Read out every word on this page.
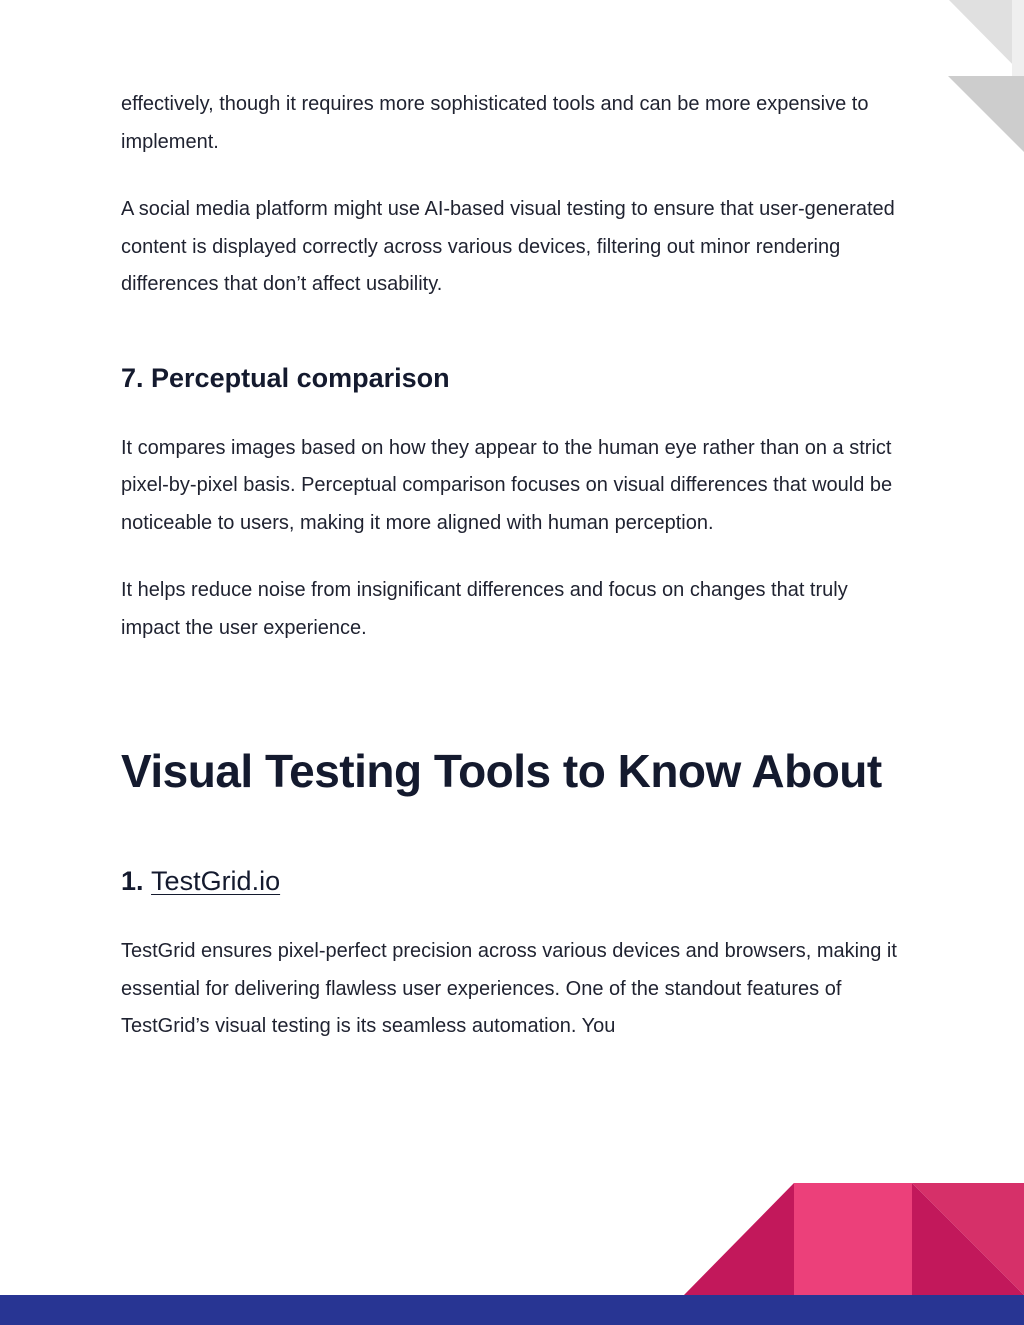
effectively, though it requires more sophisticated tools and can be more expensive to implement.

A social media platform might use AI-based visual testing to ensure that user-generated content is displayed correctly across various devices, filtering out minor rendering differences that don’t affect usability.

7. Perceptual comparison

It compares images based on how they appear to the human eye rather than on a strict pixel-by-pixel basis. Perceptual comparison focuses on visual differences that would be noticeable to users, making it more aligned with human perception.

It helps reduce noise from insignificant differences and focus on changes that truly impact the user experience.

Visual Testing Tools to Know About
1. TestGrid.io

TestGrid ensures pixel-perfect precision across various devices and browsers, making it essential for delivering flawless user experiences. One of the standout features of TestGrid’s visual testing is its seamless automation. You
